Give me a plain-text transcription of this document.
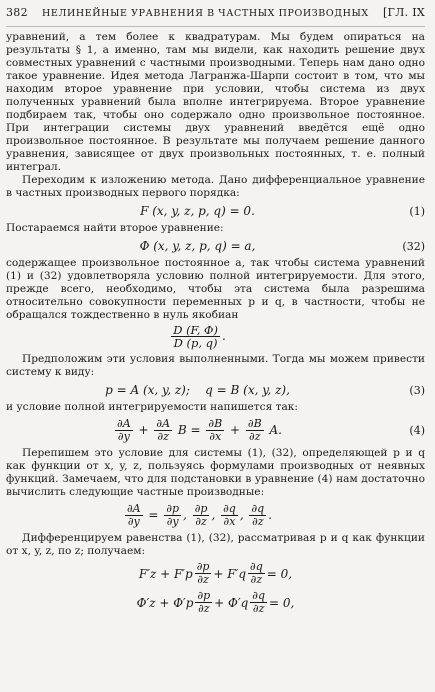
382 НЕЛИНЕЙНЫЕ УРАВНЕНИЯ В ЧАСТНЫХ ПРОИЗВОДНЫХ [ГЛ. IX

уравнений, а тем более к квадратурам. Мы будем опираться на результаты § 1, а именно, там мы видели, как находить решение двух совместных уравнений с частными производными. Теперь нам дано одно такое уравнение. Идея метода Лагранжа-Шарпи состоит в том, что мы находим второе уравнение при условии, чтобы система из двух полученных уравнений была вполне интегрируема. Второе уравнение подбираем так, чтобы оно содержало одно произвольное постоянное. При интеграции системы двух уравнений введётся ещё одно произвольное постоянное. В результате мы получаем решение данного уравнения, зависящее от двух произвольных постоянных, т. е. полный интеграл.

Переходим к изложению метода. Дано дифференциальное уравнение в частных производных первого порядка:

F (x, y, z, p, q) = 0.	(1)

Постараемся найти второе уравнение:

Φ (x, y, z, p, q) = a,	(32)

содержащее произвольное постоянное a, так чтобы система уравнений (1) и (32) удовлетворяла условию полной интегрируемости. Для этого, прежде всего, необходимо, чтобы эта система была разрешима относительно совокупности переменных p и q, в частности, чтобы не обращался тождественно в нуль якобиан

$\frac{D (F, \Phi)}{D (p, q)}$ .

Предположим эти условия выполненными. Тогда мы можем привести систему к виду:

p = A (x, y, z); q = B (x, y, z),	(3)

и условие полной интегрируемости напишется так:

$\frac{\partial A}{\partial y} + \frac{\partial A}{\partial z}$ $B = \frac{\partial B}{\partial x} + \frac{\partial B}{\partial z} A$.	(4)

Перепишем это условие для системы (1), (32), определяющей p и q как функции от x, y, z, пользуясь формулами производных от неявных функций. Замечаем, что для подстановки в уравнение (4) нам достаточно вычислить следующие частные производные:

$\frac{\partial A}{\partial y} = \frac{\partial p}{\partial y}$ , $\frac{\partial p}{\partial z}$ , $\frac{\partial q}{\partial x}$ , $\frac{\partial q}{\partial z}$ .

Дифференцируем равенства (1), (32), рассматривая p и q как функции от x, y, z, по z; получаем:

$F'z + F'p \frac{\partial p}{\partial z} + F'q \frac{\partial q}{\partial z} = 0$,
$\Phi'z + \Phi'p \frac{\partial p}{\partial z} + \Phi'q \frac{\partial q}{\partial z} = 0$,
